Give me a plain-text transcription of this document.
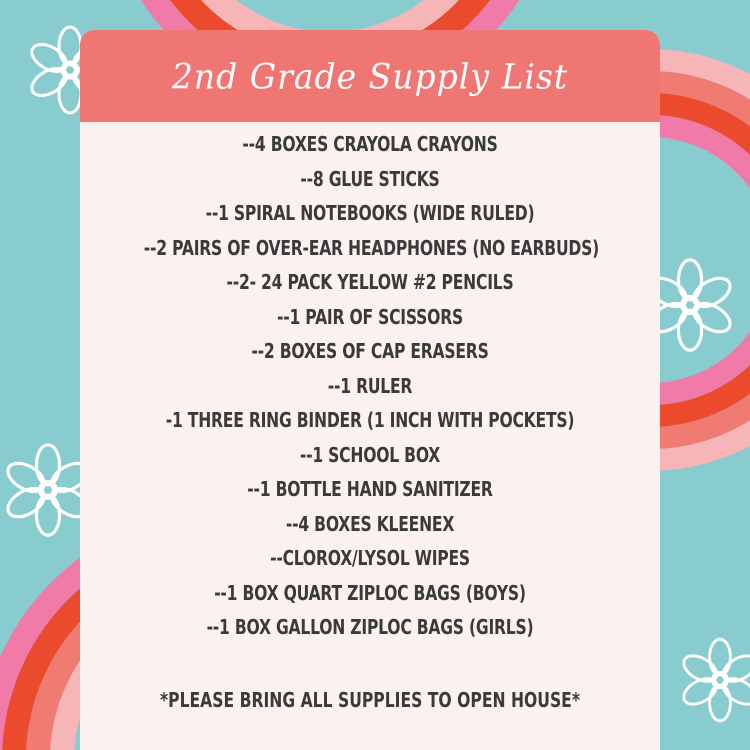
2nd Grade Supply List
--4 BOXES CRAYOLA CRAYONS
--8 GLUE STICKS
--1 SPIRAL NOTEBOOKS (WIDE RULED)
--2 PAIRS OF OVER-EAR HEADPHONES (NO EARBUDS)
--2- 24 PACK YELLOW #2 PENCILS
--1 PAIR OF SCISSORS
--2 BOXES OF CAP ERASERS
--1 RULER
-1 THREE RING BINDER (1 INCH WITH POCKETS)
--1 SCHOOL BOX
--1 BOTTLE HAND SANITIZER
--4 BOXES KLEENEX
--CLOROX/LYSOL WIPES
--1 BOX QUART ZIPLOC BAGS (BOYS)
--1 BOX GALLON ZIPLOC BAGS (GIRLS)
*PLEASE BRING ALL SUPPLIES TO OPEN HOUSE*
